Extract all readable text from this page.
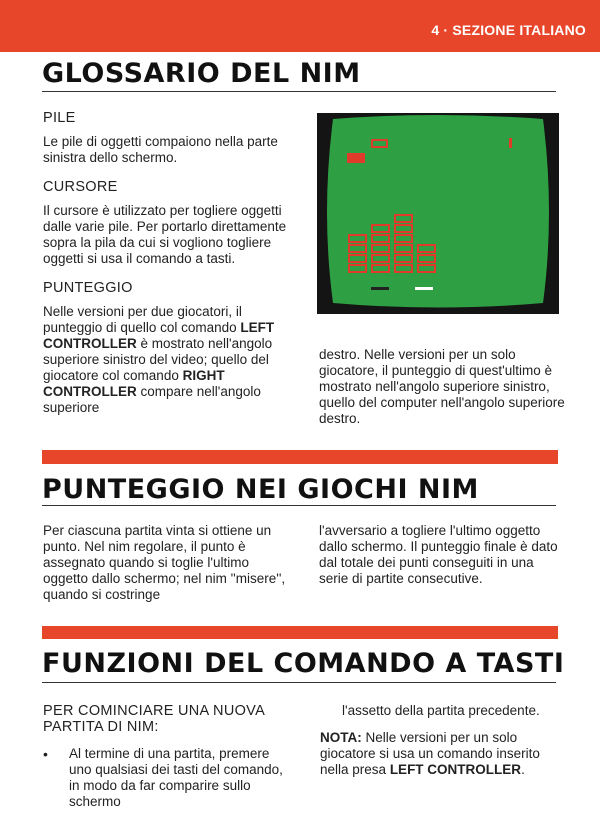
4 · SEZIONE ITALIANO
GLOSSARIO DEL NIM

PILE

Le pile di oggetti compaiono nella parte sinistra dello schermo.

CURSORE

Il cursore è utilizzato per togliere oggetti dalle varie pile. Per portarlo direttamente sopra la pila da cui si vogliono togliere oggetti si usa il comando a tasti.

PUNTEGGIO

Nelle versioni per due giocatori, il punteggio di quello col comando LEFT CONTROLLER è mostrato nell'angolo superiore sinistro del video; quello del giocatore col comando RIGHT CONTROLLER compare nell'angolo superiore

destro. Nelle versioni per un solo giocatore, il punteggio di quest'ultimo è mostrato nell'angolo superiore sinistro, quello del computer nell'angolo superiore destro.

PUNTEGGIO NEI GIOCHI NIM

Per ciascuna partita vinta si ottiene un punto. Nel nim regolare, il punto è assegnato quando si toglie l'ultimo oggetto dallo schermo; nel nim ''misere'', quando si costringe

l'avversario a togliere l'ultimo oggetto dallo schermo. Il punteggio finale è dato dal totale dei punti conseguiti in una serie di partite consecutive.

FUNZIONI DEL COMANDO A TASTI

PER COMINCIARE UNA NUOVA PARTITA DI NIM:

•	Al termine di una partita, premere uno qualsiasi dei tasti del comando, in modo da far comparire sullo schermo

l'assetto della partita precedente.

NOTA: Nelle versioni per un solo giocatore si usa un comando inserito nella presa LEFT CONTROLLER.
